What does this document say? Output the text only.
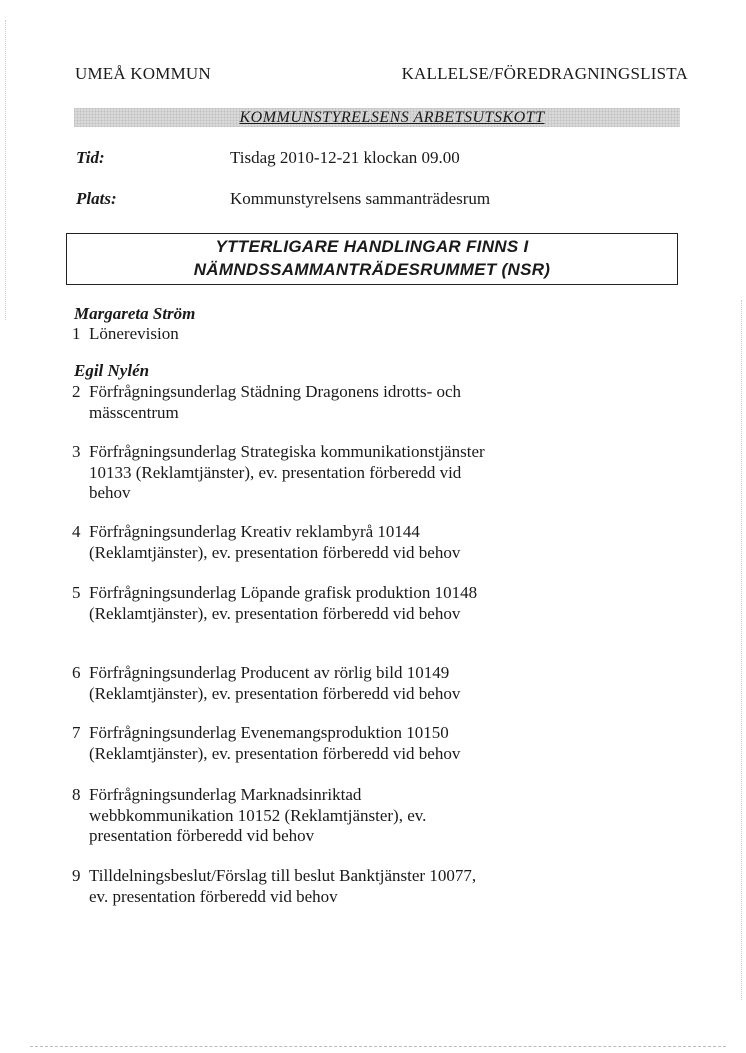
UMEÅ KOMMUN	KALLELSE/FÖREDRAGNINGSLISTA
KOMMUNSTYRELSENS ARBETSUTSKOTT
Tid:	Tisdag 2010-12-21 klockan 09.00
Plats:	Kommunstyrelsens sammanträdesrum
YTTERLIGARE HANDLINGAR FINNS I
NÄMNDSSAMMANTRÄDESRUMMET (NSR)
Margareta Ström
1 Lönerevision
Egil Nylén
2 Förfrågningsunderlag Städning Dragonens idrotts- och mässcentrum
3 Förfrågningsunderlag Strategiska kommunikationstjänster 10133 (Reklamtjänster), ev. presentation förberedd vid behov
4 Förfrågningsunderlag Kreativ reklambyrå 10144 (Reklamtjänster), ev. presentation förberedd vid behov
5 Förfrågningsunderlag Löpande grafisk produktion 10148 (Reklamtjänster), ev. presentation förberedd vid behov
6 Förfrågningsunderlag Producent av rörlig bild 10149 (Reklamtjänster), ev. presentation förberedd vid behov
7 Förfrågningsunderlag Evenemangsproduktion 10150 (Reklamtjänster), ev. presentation förberedd vid behov
8 Förfrågningsunderlag Marknadsinriktad webbkommunikation 10152 (Reklamtjänster), ev. presentation förberedd vid behov
9 Tilldelningsbeslut/Förslag till beslut Banktjänster 10077, ev. presentation förberedd vid behov
